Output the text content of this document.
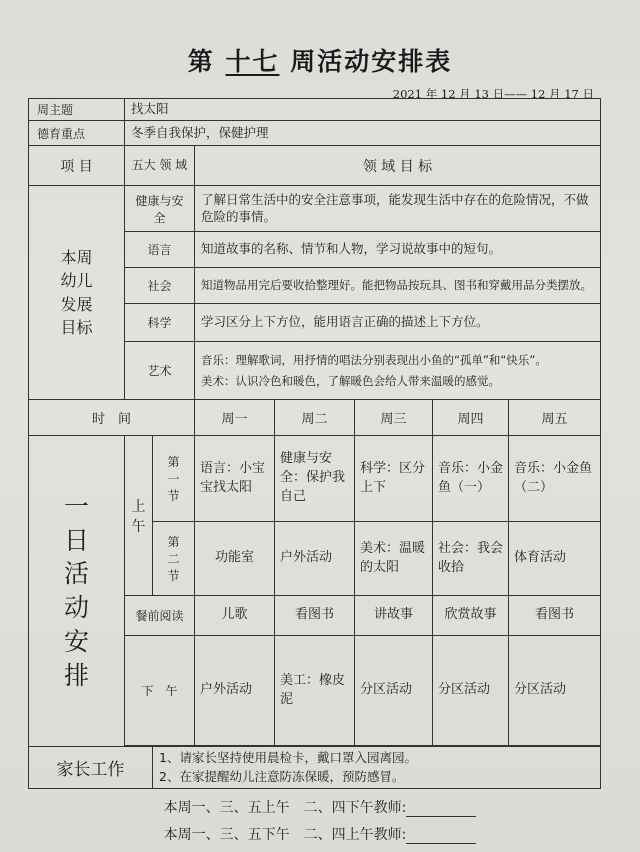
第 十七 周活动安排表
2021 年 12 月 13 日—— 12 月 17 日
周主题	找太阳						
德育重点	冬季自我保护，保健护理						
项 目	五大 领 域		领 域 目 标				

本周幼儿发展目标	健康与安全		了解日常生活中的安全注意事项，能发现生活中存在的危险情况，不做危险的事情。				
	语言		知道故事的名称、情节和人物，学习说故事中的短句。				
	社会		知道物品用完后要收拾整理好。能把物品按玩具、图书和穿戴用品分类摆放。				
	科学		学习区分上下方位，能用语言正确的描述上下方位。				
	艺术		音乐：理解歌词，用抒情的唱法分别表现出小鱼的“孤单”和“快乐”。
美术：认识冷色和暖色，了解暖色会给人带来温暖的感觉。				

时　间			周一	周二	周三	周四	周五

一日活动安排	上午	第一节	语言：小宝宝找太阳	健康与安全：保护我自己	科学：区分上下	音乐：小金鱼（一）	音乐：小金鱼（二）

		第二节	功能室	户外活动	美术：温暖的太阳	社会：我会收拾	体育活动
	餐前阅读		儿歌	看图书	讲故事	欣赏故事	看图书
	下　午		户外活动	美工：橡皮泥	分区活动	分区活动	分区活动

家长工作		1、请家长坚持使用晨检卡，戴口罩入园离园。
2、在家提醒幼儿注意防冻保暖，预防感冒。					
本周一、三、五上午　二、四下午教师:
本周一、三、五下午　二、四上午教师:
